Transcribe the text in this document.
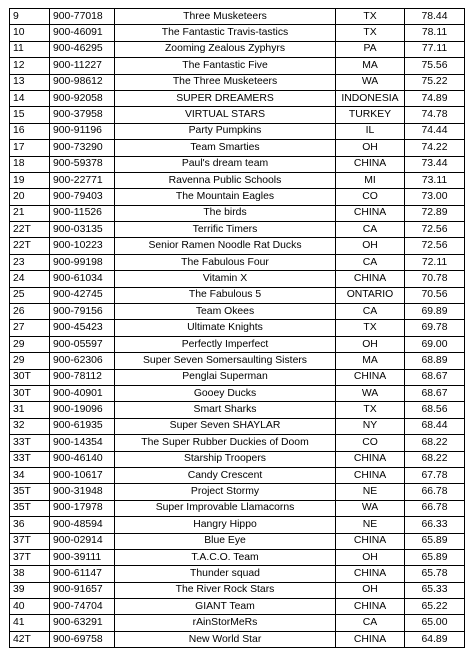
9	900-77018	Three Musketeers	TX	78.44
10	900-46091	The Fantastic Travis-tastics	TX	78.11
11	900-46295	Zooming Zealous Zyphyrs	PA	77.11
12	900-11227	The Fantastic Five	MA	75.56
13	900-98612	The Three Musketeers	WA	75.22
14	900-92058	SUPER DREAMERS	INDONESIA	74.89
15	900-37958	VIRTUAL STARS	TURKEY	74.78
16	900-91196	Party Pumpkins	IL	74.44
17	900-73290	Team Smarties	OH	74.22
18	900-59378	Paul's dream team	CHINA	73.44
19	900-22771	Ravenna Public Schools	MI	73.11
20	900-79403	The Mountain Eagles	CO	73.00
21	900-11526	The birds	CHINA	72.89
22T	900-03135	Terrific Timers	CA	72.56
22T	900-10223	Senior Ramen Noodle Rat Ducks	OH	72.56
23	900-99198	The Fabulous Four	CA	72.11
24	900-61034	Vitamin X	CHINA	70.78
25	900-42745	The Fabulous 5	ONTARIO	70.56
26	900-79156	Team Okees	CA	69.89
27	900-45423	Ultimate Knights	TX	69.78
29	900-05597	Perfectly Imperfect	OH	69.00
29	900-62306	Super Seven Somersaulting Sisters	MA	68.89
30T	900-78112	Penglai Superman	CHINA	68.67
30T	900-40901	Gooey Ducks	WA	68.67
31	900-19096	Smart Sharks	TX	68.56
32	900-61935	Super Seven SHAYLAR	NY	68.44
33T	900-14354	The Super Rubber Duckies of Doom	CO	68.22
33T	900-46140	Starship Troopers	CHINA	68.22
34	900-10617	Candy Crescent	CHINA	67.78
35T	900-31948	Project Stormy	NE	66.78
35T	900-17978	Super Improvable Llamacorns	WA	66.78
36	900-48594	Hangry Hippo	NE	66.33
37T	900-02914	Blue Eye	CHINA	65.89
37T	900-39111	T.A.C.O. Team	OH	65.89
38	900-61147	Thunder squad	CHINA	65.78
39	900-91657	The River Rock Stars	OH	65.33
40	900-74704	GIANT Team	CHINA	65.22
41	900-63291	rAinStorMeRs	CA	65.00
42T	900-69758	New World Star	CHINA	64.89
